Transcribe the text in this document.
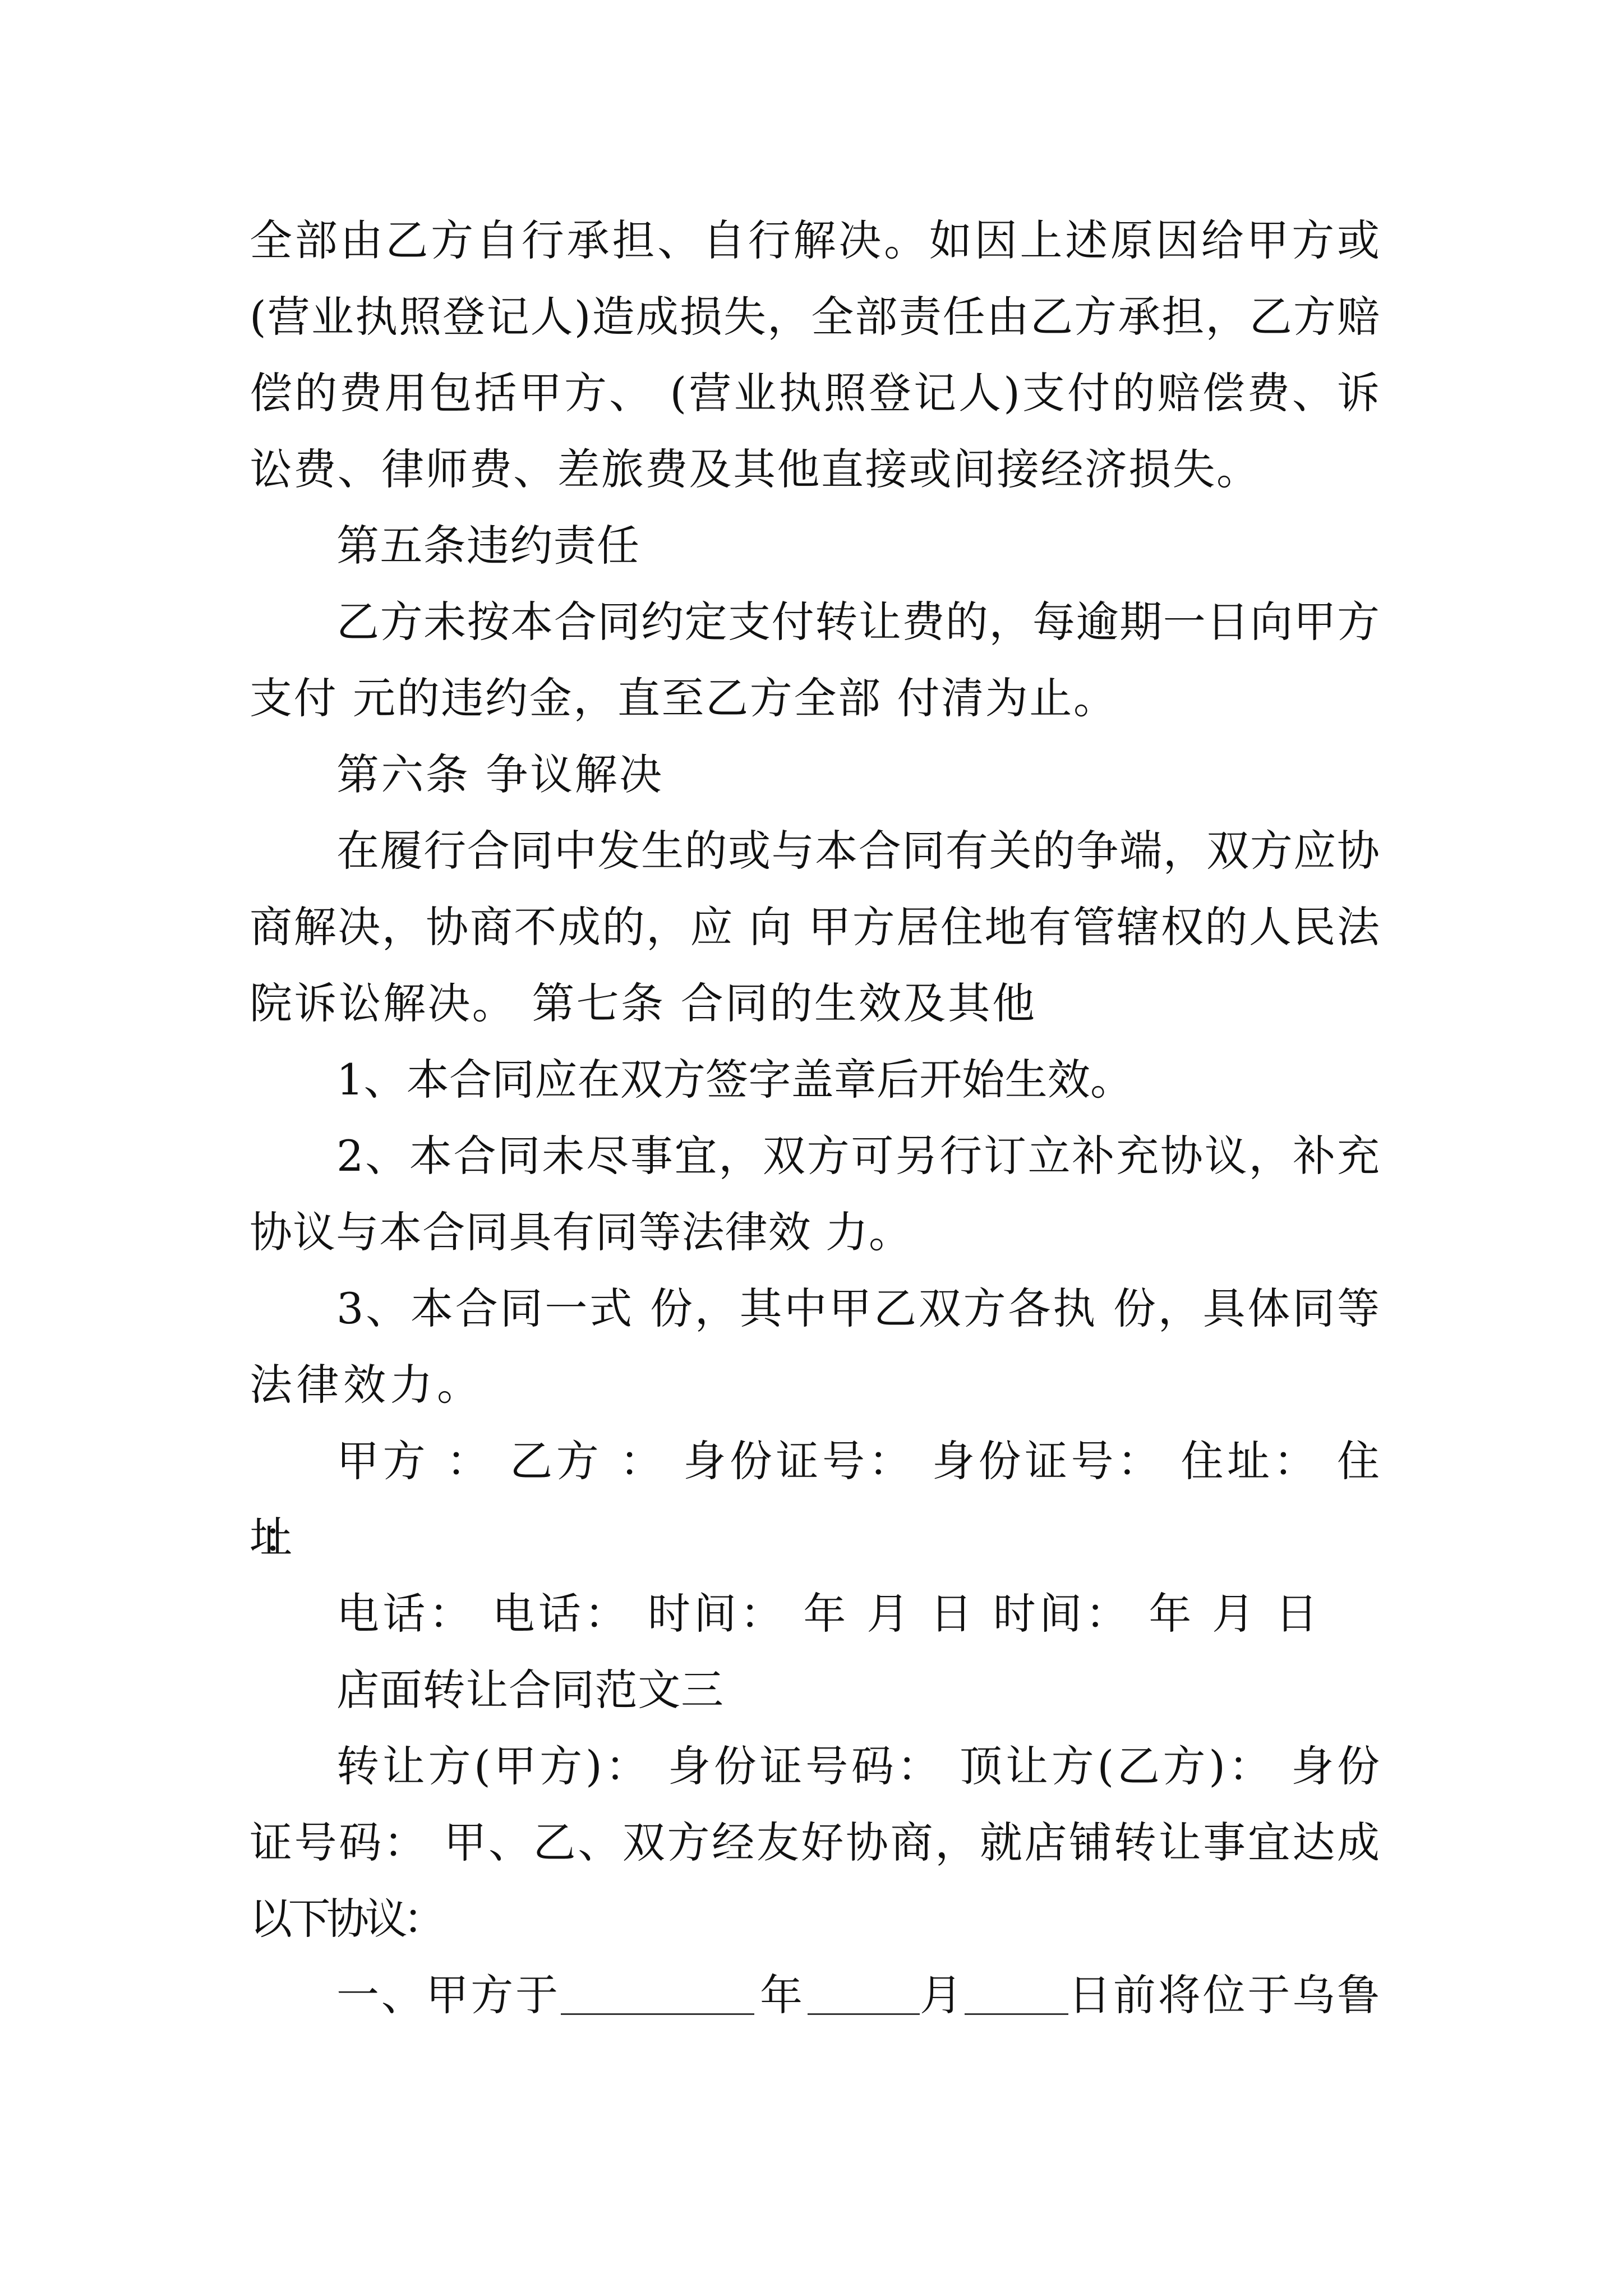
全部由乙方自行承担、自行解决。如因上述原因给甲方或
(营业执照登记人)造成损失，全部责任由乙方承担，乙方赔
偿的费用包括甲方、 (营业执照登记人)支付的赔偿费、诉
讼费、律师费、差旅费及其他直接或间接经济损失。
第五条违约责任
乙方未按本合同约定支付转让费的，每逾期一日向甲方
支付 元的违约金，直至乙方全部 付清为止。
第六条 争议解决
在履行合同中发生的或与本合同有关的争端，双方应协
商解决，协商不成的，应 向 甲方居住地有管辖权的人民法
院诉讼解决。 第七条 合同的生效及其他
1、本合同应在双方签字盖章后开始生效。
2、本合同未尽事宜，双方可另行订立补充协议，补充
协议与本合同具有同等法律效 力。
3、本合同一式 份，其中甲乙双方各执 份，具体同等
法律效力。
甲方 ： 乙方 ： 身份证号： 身份证号： 住址： 住
址：
电话： 电话： 时间： 年 月 日 时间： 年 月 日
店面转让合同范文三
转让方(甲方)： 身份证号码： 顶让方(乙方)： 身份
证号码： 甲、乙、双方经友好协商，就店铺转让事宜达成
以下协议：
一、甲方于	年	月 日前将位于乌鲁
